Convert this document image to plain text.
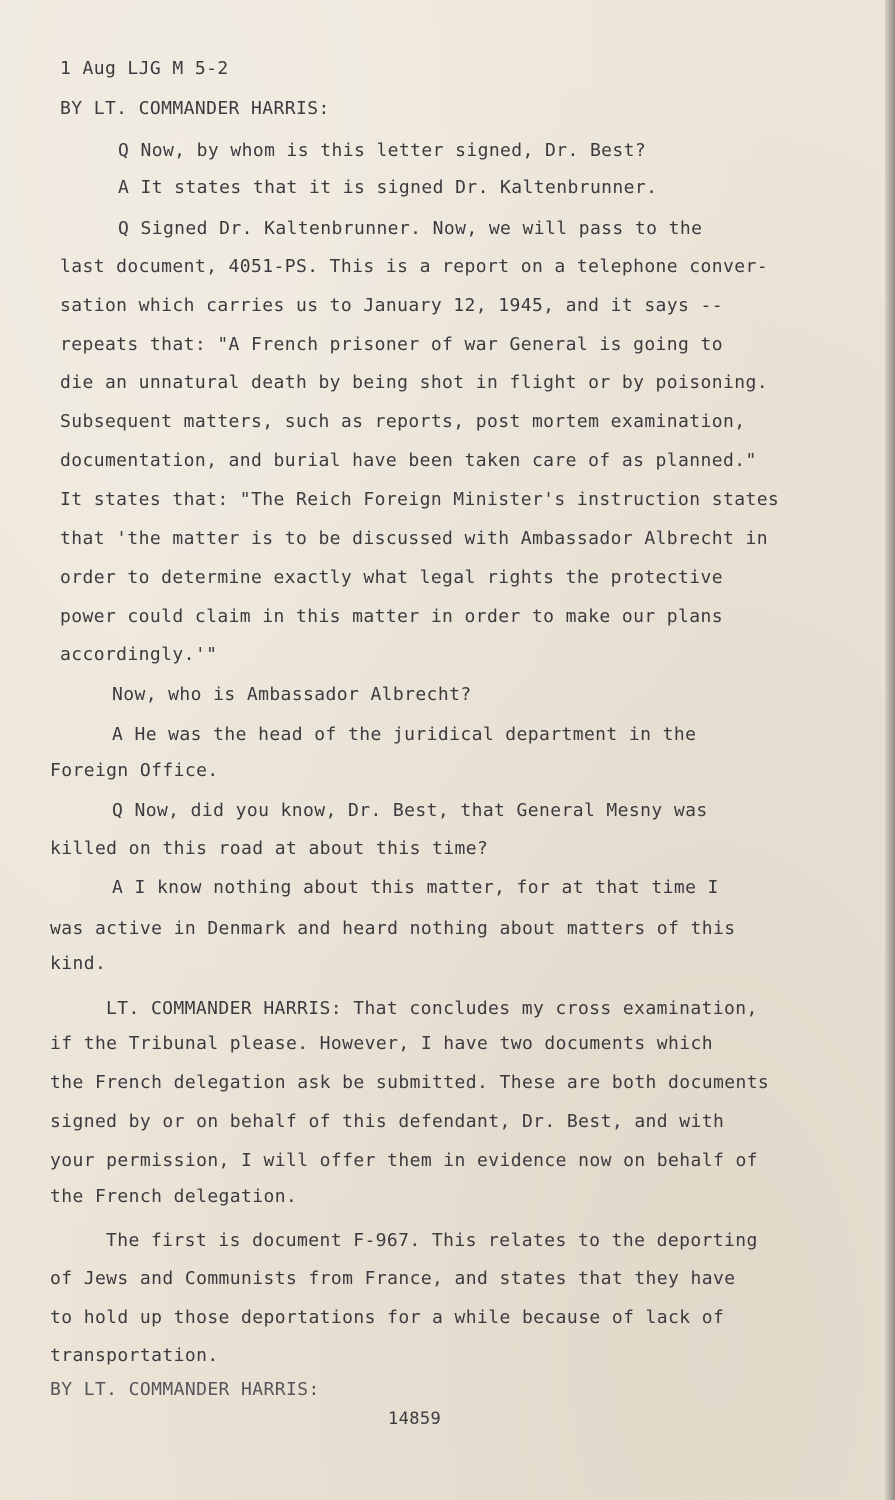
1 Aug LJG M 5-2
BY LT. COMMANDER HARRIS:
Q Now, by whom is this letter signed, Dr. Best?
A It states that it is signed Dr. Kaltenbrunner.
Q Signed Dr. Kaltenbrunner. Now, we will pass to the
last document, 4051-PS. This is a report on a telephone conver-
sation which carries us to January 12, 1945, and it says --
repeats that: "A French prisoner of war General is going to
die an unnatural death by being shot in flight or by poisoning.
Subsequent matters, such as reports, post mortem examination,
documentation, and burial have been taken care of as planned."
It states that: "The Reich Foreign Minister's instruction states
that 'the matter is to be discussed with Ambassador Albrecht in
order to determine exactly what legal rights the protective
power could claim in this matter in order to make our plans
accordingly.'"
Now, who is Ambassador Albrecht?
A He was the head of the juridical department in the
Foreign Office.
Q Now, did you know, Dr. Best, that General Mesny was
killed on this road at about this time?
A I know nothing about this matter, for at that time I
was active in Denmark and heard nothing about matters of this
kind.
LT. COMMANDER HARRIS: That concludes my cross examination,
if the Tribunal please. However, I have two documents which
the French delegation ask be submitted. These are both documents
signed by or on behalf of this defendant, Dr. Best, and with
your permission, I will offer them in evidence now on behalf of
the French delegation.
The first is document F-967. This relates to the deporting
of Jews and Communists from France, and states that they have
to hold up those deportations for a while because of lack of
transportation.
BY LT. COMMANDER HARRIS:
14859
